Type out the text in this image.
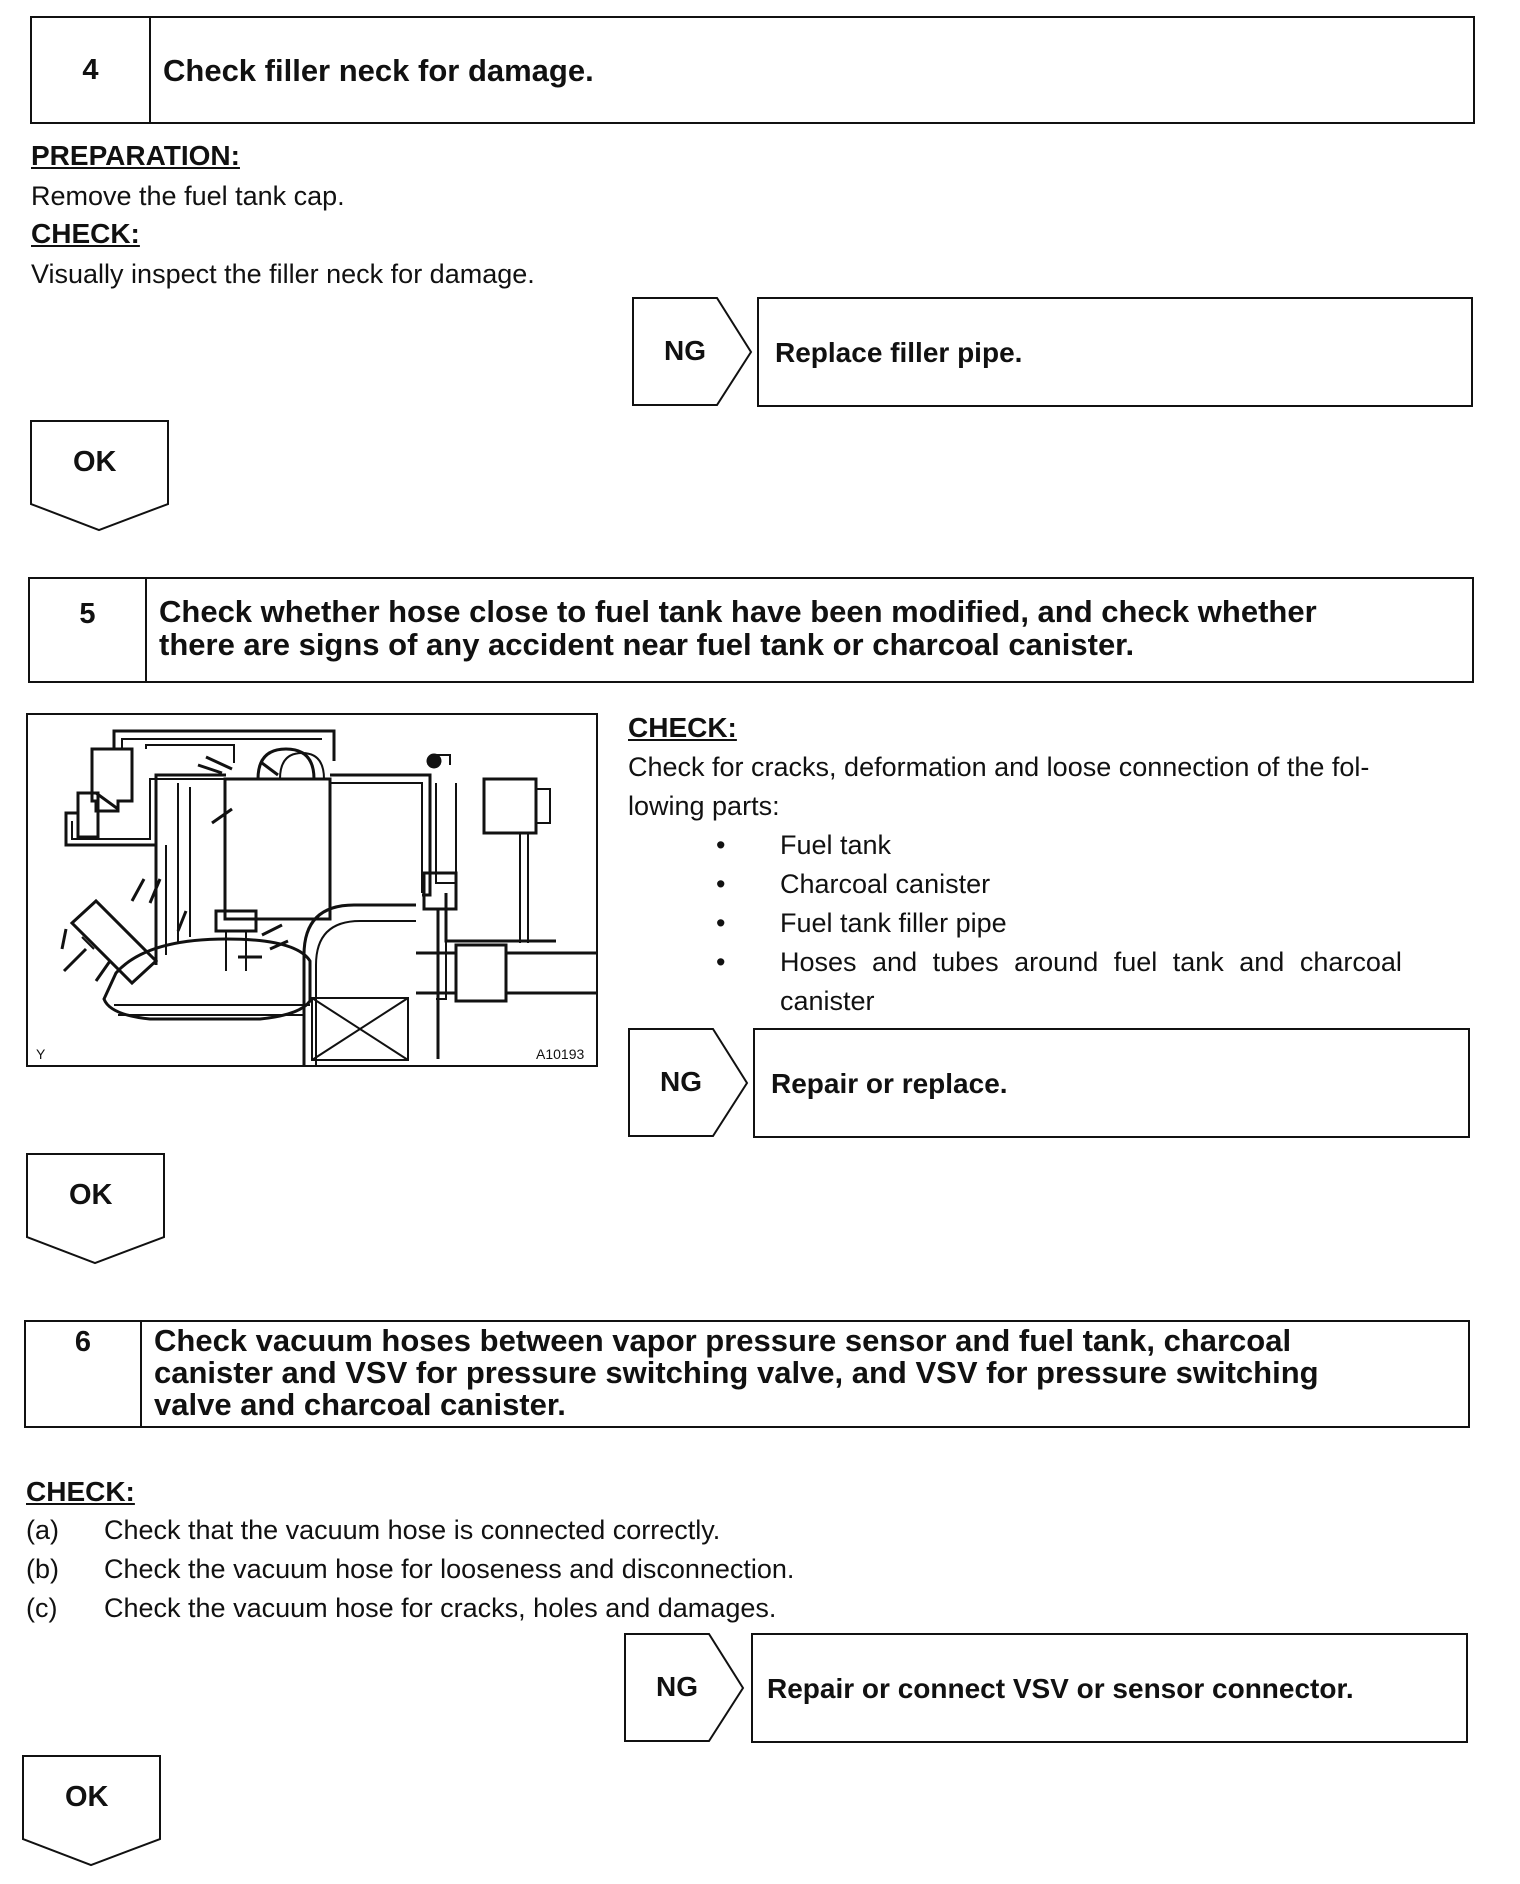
4	Check filler neck for damage.
PREPARATION:
Remove the fuel tank cap.
CHECK:
Visually inspect the filler neck for damage.
NG Replace filler pipe.
OK
5	Check whether hose close to fuel tank have been modified, and check whether
there are signs of any accident near fuel tank or charcoal canister.
Y	A10193
CHECK:
Check for cracks, deformation and loose connection of the fol-
lowing parts:
• Fuel tank
• Charcoal canister
• Fuel tank filler pipe
• Hoses and tubes around fuel tank and charcoal
canister
NG Repair or replace.
OK
6	Check vacuum hoses between vapor pressure sensor and fuel tank, charcoal
canister and VSV for pressure switching valve, and VSV for pressure switching
valve and charcoal canister.
CHECK:
(a)	Check that the vacuum hose is connected correctly.
(b)	Check the vacuum hose for looseness and disconnection.
(c)	Check the vacuum hose for cracks, holes and damages.
NG Repair or connect VSV or sensor connector.
OK
